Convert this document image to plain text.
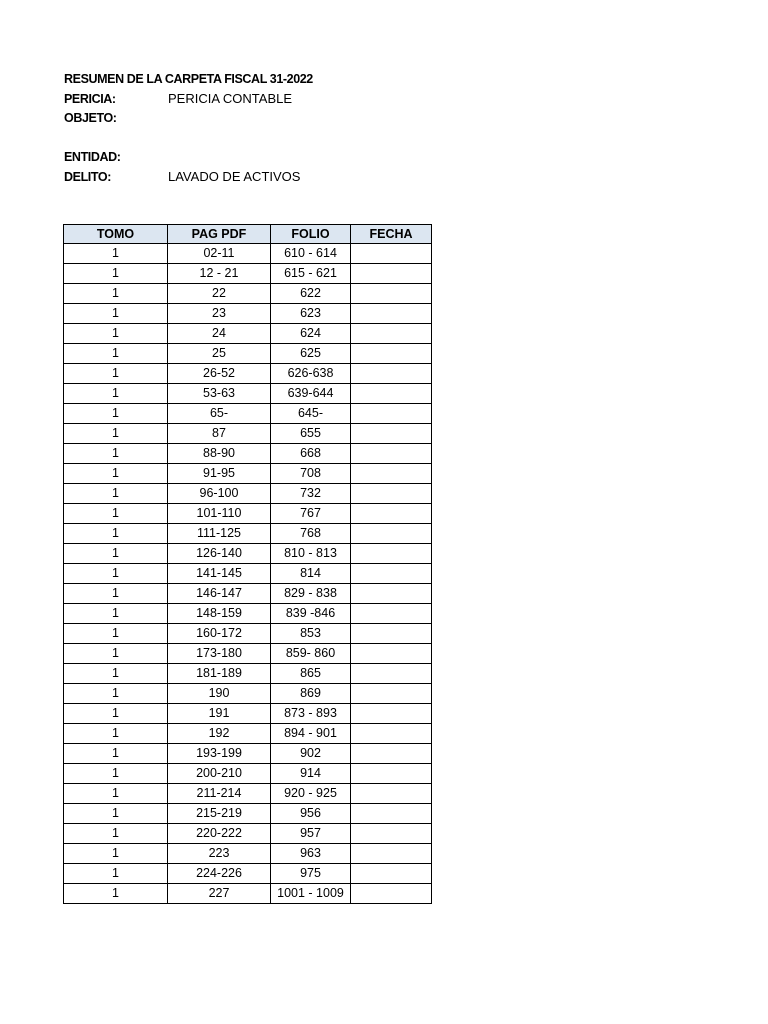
RESUMEN DE LA CARPETA FISCAL 31-2022
PERICIA:	PERICIA CONTABLE
OBJETO:
ENTIDAD:
DELITO:	LAVADO DE ACTIVOS
TOMO	PAG PDF	FOLIO	FECHA
1	02-11	610 - 614	
1	12 - 21	615 - 621	
1	22	622	
1	23	623	
1	24	624	
1	25	625	
1	26-52	626-638	
1	53-63	639-644	
1	65-	645-	
1	87	655	
1	88-90	668	
1	91-95	708	
1	96-100	732	
1	101-110	767	
1	111-125	768	
1	126-140	810 - 813	
1	141-145	814	
1	146-147	829 - 838	
1	148-159	839 -846	
1	160-172	853	
1	173-180	859- 860	
1	181-189	865	
1	190	869	
1	191	873 - 893	
1	192	894 - 901	
1	193-199	902	
1	200-210	914	
1	211-214	920 - 925	
1	215-219	956	
1	220-222	957	
1	223	963	
1	224-226	975	
1	227	1001 - 1009	
